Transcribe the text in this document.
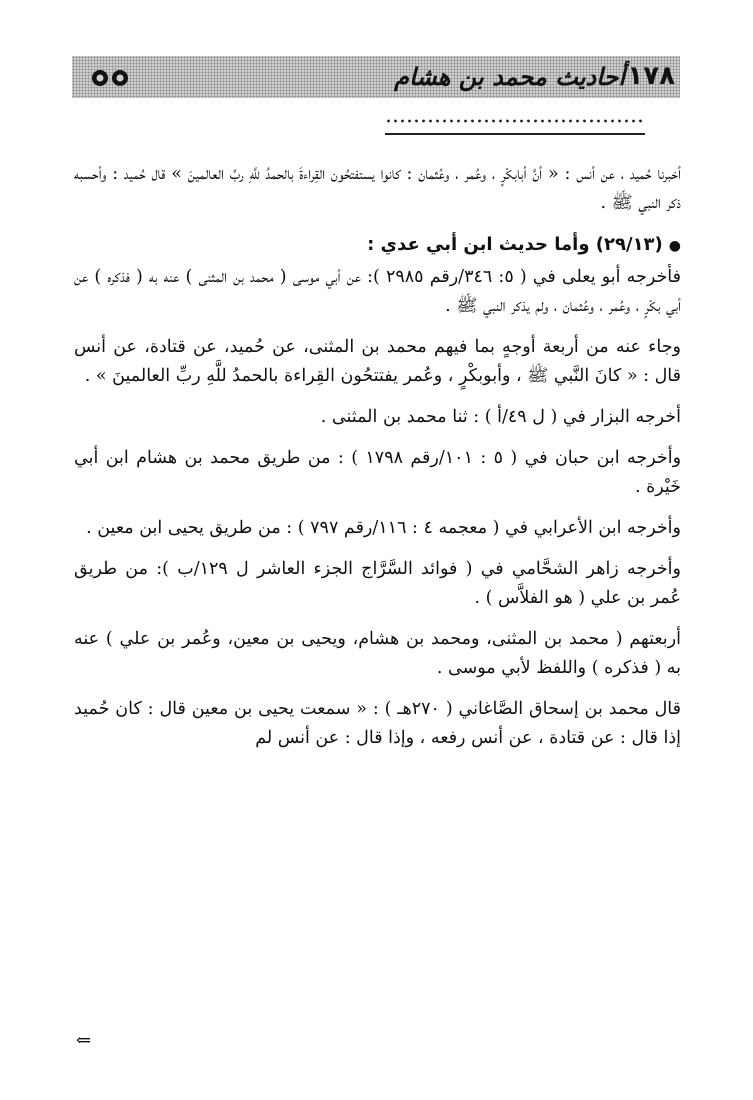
١٧٨
أحاديث محمد بن هشام

أخبرنا حُميد ، عن أنس : « أنَّ أبابكْرٍ ، وعُمر ، وعُثمان : كانوا يستفتحُون القِراءةَ بالحمدُ للَّهِ ربِّ العالمينَ » قال حُميد : وأحسبه ذكر النبي ﷺ .

●(٢٩/١٣) وأما حديث ابن أبي عدي :

فأخرجه أبو يعلى في ( ٥: ٣٤٦/رقم ٢٩٨٥ ): عن أبي موسى ( محمد بن المثنى ) عنه به ( فذكره ) عن أبي بكْرٍ ، وعُمر ، وعُثمان ، ولم يذكر النبي ﷺ .

وجاء عنه من أربعة أوجهٍ بما فيهم محمد بن المثنى، عن حُميد، عن قتادة، عن أنس قال : « كانَ النَّبي ﷺ ، وأبوبكْرٍ ، وعُمر يفتتحُون القِراءة بالحمدُ للَّهِ ربِّ العالمينَ » .

أخرجه البزار في ( ل ٤٩/أ ) : ثنا محمد بن المثنى .

وأخرجه ابن حبان في ( ٥ : ١٠١/رقم ١٧٩٨ ) : من طريق محمد بن هشام ابن أبي خَيْرة .

وأخرجه ابن الأعرابي في ( معجمه ٤ : ١١٦/رقم ٧٩٧ ) : من طريق يحيى ابن معين .

وأخرجه زاهر الشحَّامي في ( فوائد السَّرَّاج الجزء العاشر ل ١٢٩/ب ): من طريق عُمر بن علي ( هو الفلاَّس ) .

أربعتهم ( محمد بن المثنى، ومحمد بن هشام، ويحيى بن معين، وعُمر بن علي ) عنه به ( فذكره ) واللفظ لأبي موسى .

قال محمد بن إسحاق الصَّاغاني ( ٢٧٠هـ ) : « سمعت يحيى بن معين قال : كان حُميد إذا قال : عن قتادة ، عن أنس رفعه ، وإذا قال : عن أنس لم

⇐
